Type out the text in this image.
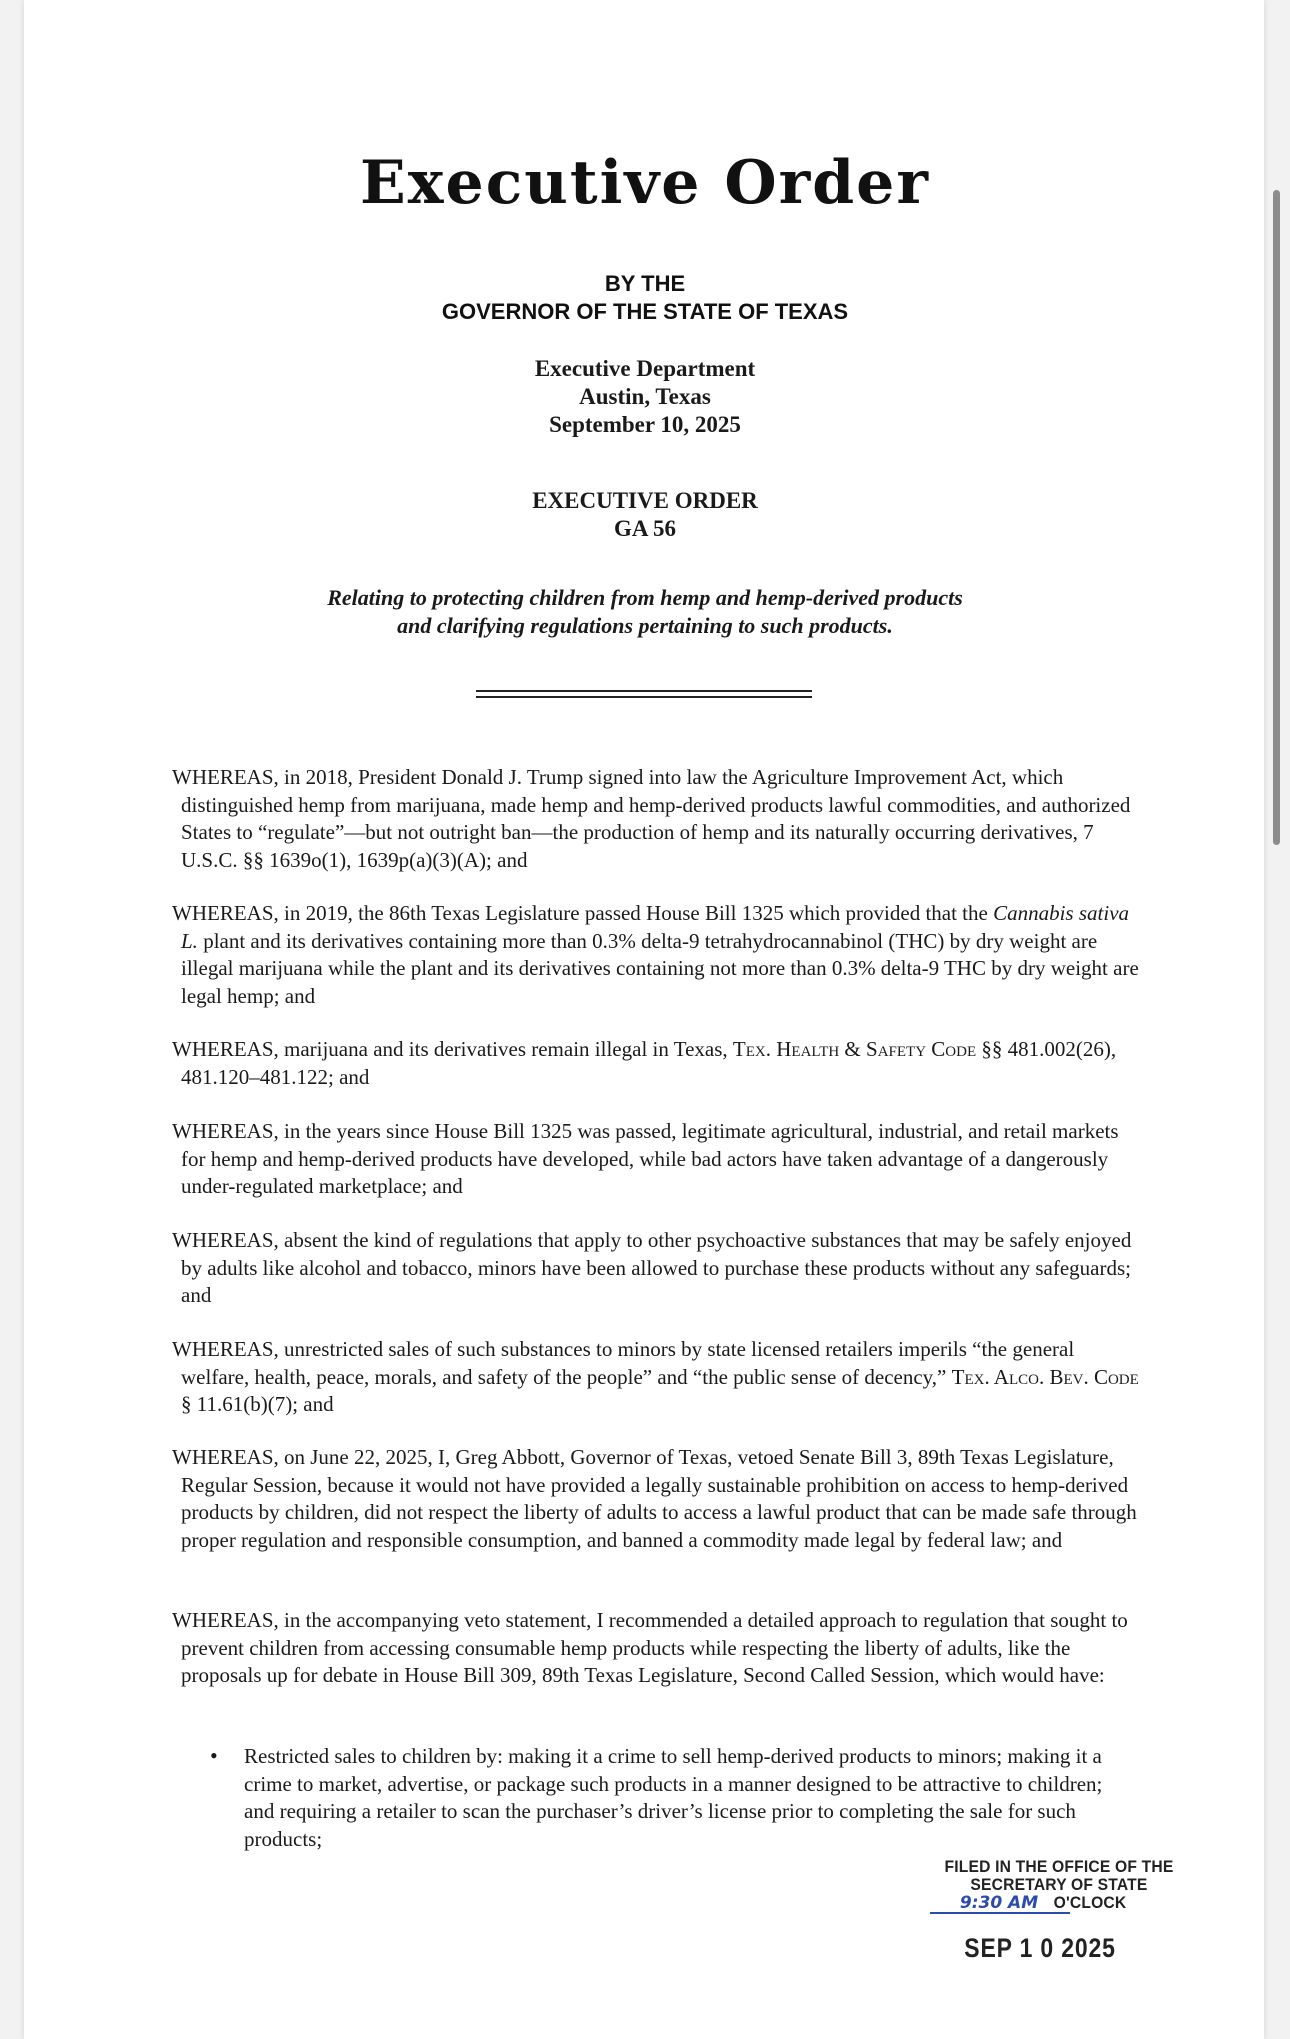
Executive Order
BY THE
GOVERNOR OF THE STATE OF TEXAS
Executive Department
Austin, Texas
September 10, 2025
EXECUTIVE ORDER
GA 56
Relating to protecting children from hemp and hemp-derived products
and clarifying regulations pertaining to such products.

WHEREAS, in 2018, President Donald J. Trump signed into law the Agriculture Improvement Act, which distinguished hemp from marijuana, made hemp and hemp-derived products lawful commodities, and authorized States to “regulate”—but not outright ban—the production of hemp and its naturally occurring derivatives, 7 U.S.C. §§ 1639o(1), 1639p(a)(3)(A); and

WHEREAS, in 2019, the 86th Texas Legislature passed House Bill 1325 which provided that the Cannabis sativa L. plant and its derivatives containing more than 0.3% delta-9 tetrahydrocannabinol (THC) by dry weight are illegal marijuana while the plant and its derivatives containing not more than 0.3% delta-9 THC by dry weight are legal hemp; and

WHEREAS, marijuana and its derivatives remain illegal in Texas, Tex. Health & Safety Code §§ 481.002(26), 481.120–481.122; and

WHEREAS, in the years since House Bill 1325 was passed, legitimate agricultural, industrial, and retail markets for hemp and hemp-derived products have developed, while bad actors have taken advantage of a dangerously under-regulated marketplace; and

WHEREAS, absent the kind of regulations that apply to other psychoactive substances that may be safely enjoyed by adults like alcohol and tobacco, minors have been allowed to purchase these products without any safeguards; and

WHEREAS, unrestricted sales of such substances to minors by state licensed retailers imperils “the general welfare, health, peace, morals, and safety of the people” and “the public sense of decency,” Tex. Alco. Bev. Code § 11.61(b)(7); and

WHEREAS, on June 22, 2025, I, Greg Abbott, Governor of Texas, vetoed Senate Bill 3, 89th Texas Legislature, Regular Session, because it would not have provided a legally sustainable prohibition on access to hemp-derived products by children, did not respect the liberty of adults to access a lawful product that can be made safe through proper regulation and responsible consumption, and banned a commodity made legal by federal law; and

WHEREAS, in the accompanying veto statement, I recommended a detailed approach to regulation that sought to prevent children from accessing consumable hemp products while respecting the liberty of adults, like the proposals up for debate in House Bill 309, 89th Texas Legislature, Second Called Session, which would have:

• Restricted sales to children by: making it a crime to sell hemp-derived products to minors; making it a crime to market, advertise, or package such products in a manner designed to be attractive to children; and requiring a retailer to scan the purchaser’s driver’s license prior to completing the sale for such products;
FILED IN THE OFFICE OF THE
SECRETARY OF STATE
9:30 AM O'CLOCK
SEP 1 0 2025
